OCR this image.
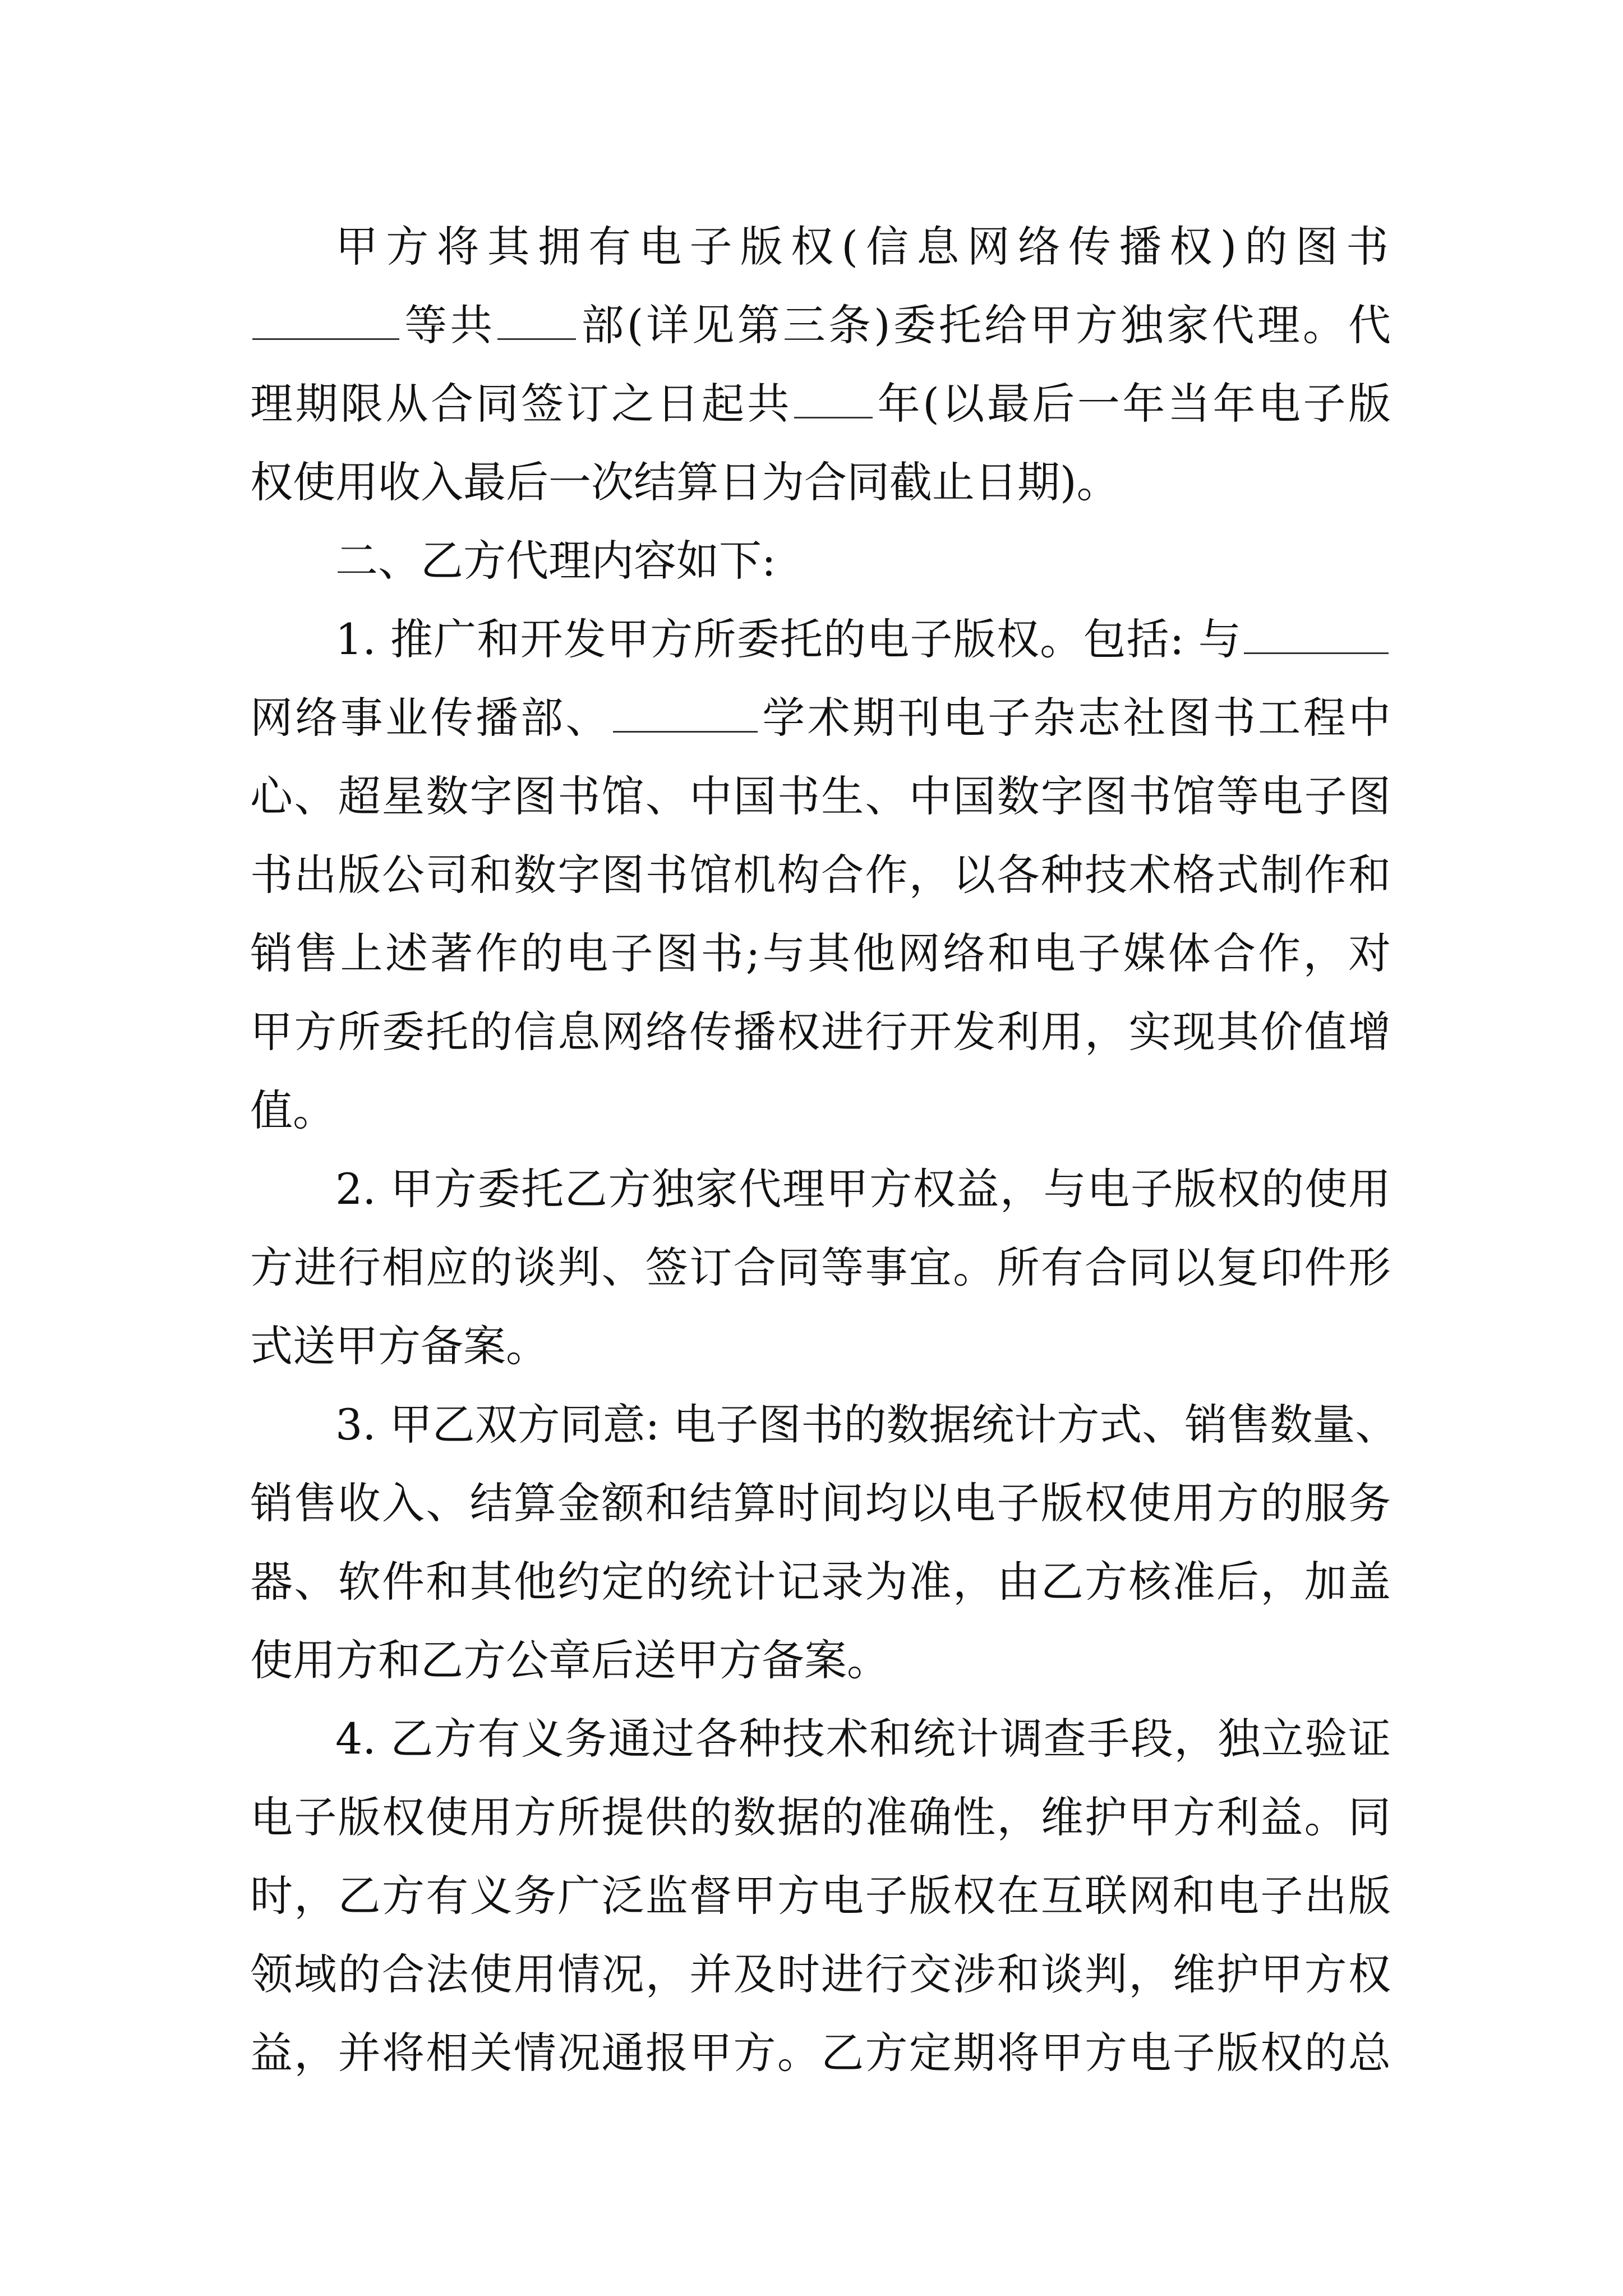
甲方将其拥有电子版权(信息网络传播权)的图书
等共 部(详见第三条)委托给甲方独家代理。代
理期限从合同签订之日起共 年(以最后一年当年电子版
权使用收入最后一次结算日为合同截止日期)。
二、乙方代理内容如下:
1. 推广和开发甲方所委托的电子版权。包括: 与
网络事业传播部、	学术期刊电子杂志社图书工程中
心、超星数字图书馆、中国书生、中国数字图书馆等电子图
书出版公司和数字图书馆机构合作，以各种技术格式制作和
销售上述著作的电子图书;与其他网络和电子媒体合作，对
甲方所委托的信息网络传播权进行开发利用，实现其价值增
值。
2. 甲方委托乙方独家代理甲方权益，与电子版权的使用
方进行相应的谈判、签订合同等事宜。所有合同以复印件形
式送甲方备案。
3. 甲乙双方同意: 电子图书的数据统计方式、销售数量、
销售收入、结算金额和结算时间均以电子版权使用方的服务
器、软件和其他约定的统计记录为准，由乙方核准后，加盖
使用方和乙方公章后送甲方备案。
4. 乙方有义务通过各种技术和统计调查手段，独立验证
电子版权使用方所提供的数据的准确性，维护甲方利益。同
时，乙方有义务广泛监督甲方电子版权在互联网和电子出版
领域的合法使用情况，并及时进行交涉和谈判，维护甲方权
益，并将相关情况通报甲方。乙方定期将甲方电子版权的总
